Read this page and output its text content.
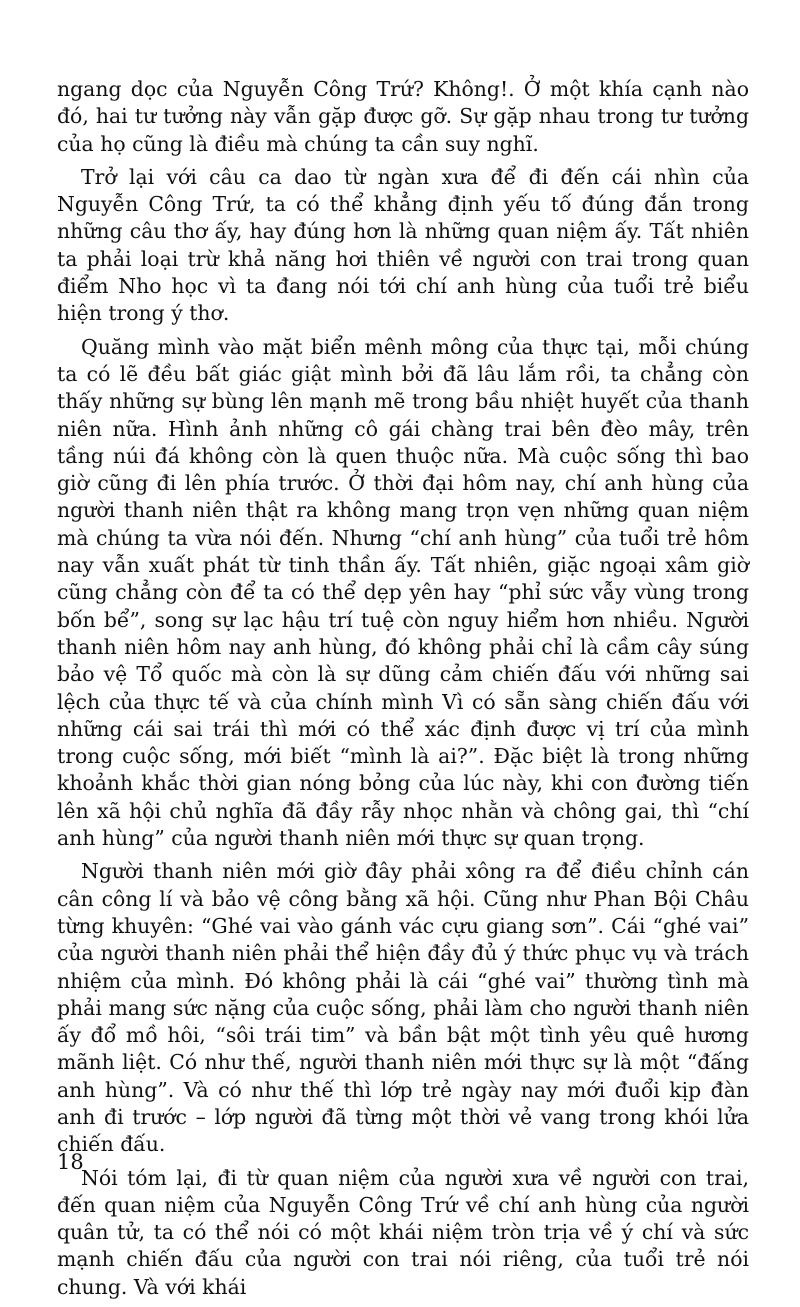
ngang dọc của Nguyễn Công Trứ? Không!. Ở một khía cạnh nào đó, hai tư tưởng này vẫn gặp được gỡ. Sự gặp nhau trong tư tưởng của họ cũng là điều mà chúng ta cần suy nghĩ.

Trở lại với câu ca dao từ ngàn xưa để đi đến cái nhìn của Nguyễn Công Trứ, ta có thể khẳng định yếu tố đúng đắn trong những câu thơ ấy, hay đúng hơn là những quan niệm ấy. Tất nhiên ta phải loại trừ khả năng hơi thiên về người con trai trong quan điểm Nho học vì ta đang nói tới chí anh hùng của tuổi trẻ biểu hiện trong ý thơ.

Quăng mình vào mặt biển mênh mông của thực tại, mỗi chúng ta có lẽ đều bất giác giật mình bởi đã lâu lắm rồi, ta chẳng còn thấy những sự bùng lên mạnh mẽ trong bầu nhiệt huyết của thanh niên nữa. Hình ảnh những cô gái chàng trai bên đèo mây, trên tầng núi đá không còn là quen thuộc nữa. Mà cuộc sống thì bao giờ cũng đi lên phía trước. Ở thời đại hôm nay, chí anh hùng của người thanh niên thật ra không mang trọn vẹn những quan niệm mà chúng ta vừa nói đến. Nhưng “chí anh hùng” của tuổi trẻ hôm nay vẫn xuất phát từ tinh thần ấy. Tất nhiên, giặc ngoại xâm giờ cũng chẳng còn để ta có thể dẹp yên hay “phỉ sức vẫy vùng trong bốn bể”, song sự lạc hậu trí tuệ còn nguy hiểm hơn nhiều. Người thanh niên hôm nay anh hùng, đó không phải chỉ là cầm cây súng bảo vệ Tổ quốc mà còn là sự dũng cảm chiến đấu với những sai lệch của thực tế và của chính mình Vì có sẵn sàng chiến đấu với những cái sai trái thì mới có thể xác định được vị trí của mình trong cuộc sống, mới biết “mình là ai?”. Đặc biệt là trong những khoảnh khắc thời gian nóng bỏng của lúc này, khi con đường tiến lên xã hội chủ nghĩa đã đầy rẫy nhọc nhằn và chông gai, thì “chí anh hùng” của người thanh niên mới thực sự quan trọng.

Người thanh niên mới giờ đây phải xông ra để điều chỉnh cán cân công lí và bảo vệ công bằng xã hội. Cũng như Phan Bội Châu từng khuyên: “Ghé vai vào gánh vác cựu giang sơn”. Cái “ghé vai” của người thanh niên phải thể hiện đầy đủ ý thức phục vụ và trách nhiệm của mình. Đó không phải là cái “ghé vai” thường tình mà phải mang sức nặng của cuộc sống, phải làm cho người thanh niên ấy đổ mồ hôi, “sôi trái tim” và bần bật một tình yêu quê hương mãnh liệt. Có như thế, người thanh niên mới thực sự là một “đấng anh hùng”. Và có như thế thì lớp trẻ ngày nay mới đuổi kịp đàn anh đi trước – lớp người đã từng một thời vẻ vang trong khói lửa chiến đấu.

Nói tóm lại, đi từ quan niệm của người xưa về người con trai, đến quan niệm của Nguyễn Công Trứ về chí anh hùng của người quân tử, ta có thể nói có một khái niệm tròn trịa về ý chí và sức mạnh chiến đấu của người con trai nói riêng, của tuổi trẻ nói chung. Và với khái

18
